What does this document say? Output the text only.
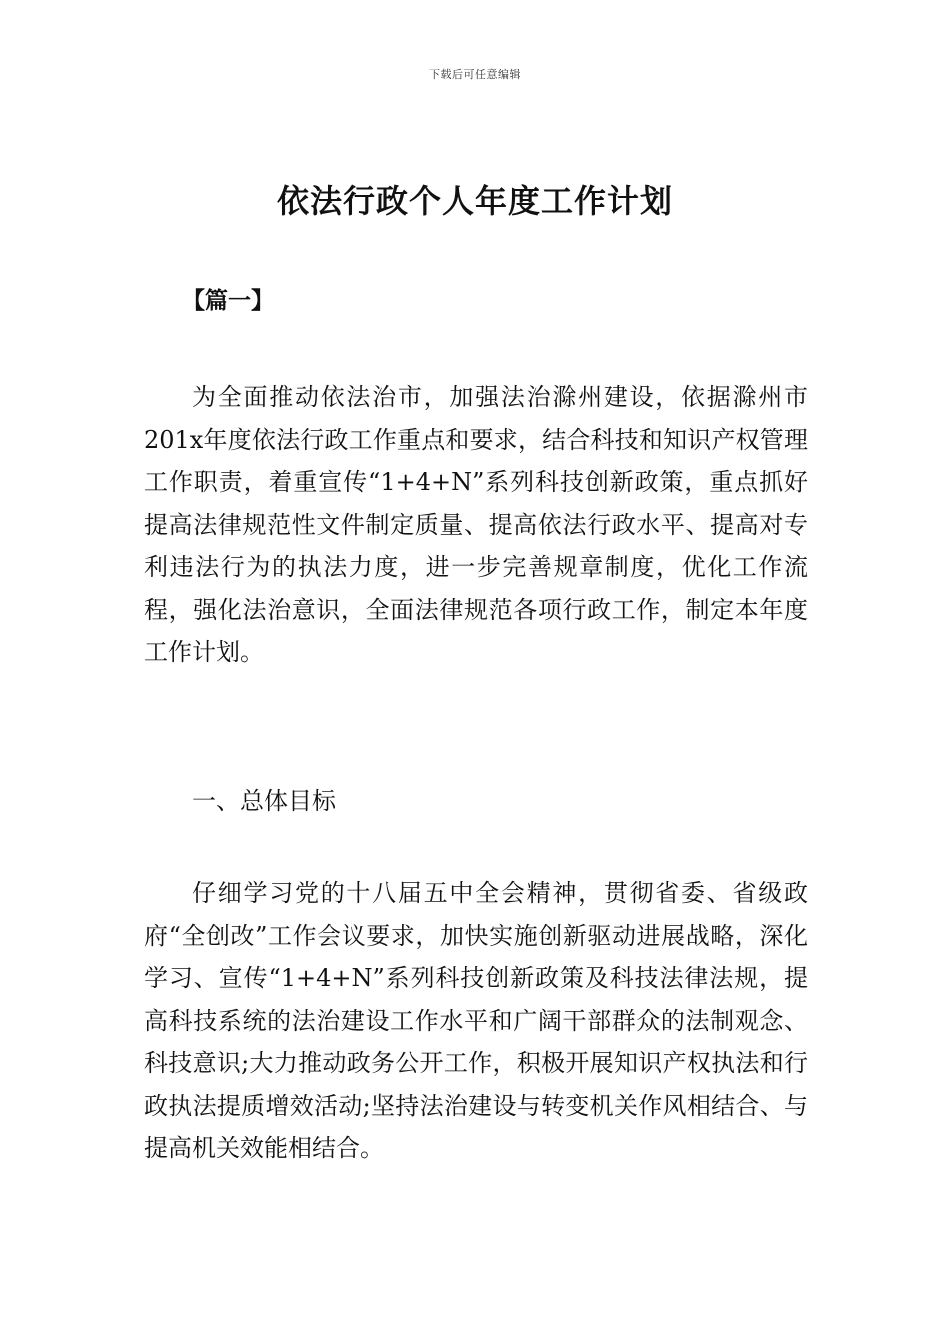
下载后可任意编辑
依法行政个人年度工作计划
【篇一】

为全面推动依法治市，加强法治滁州建设，依据滁州市201x年度依法行政工作重点和要求，结合科技和知识产权管理工作职责，着重宣传“1+4+N”系列科技创新政策，重点抓好提高法律规范性文件制定质量、提高依法行政水平、提高对专利违法行为的执法力度，进一步完善规章制度，优化工作流程，强化法治意识，全面法律规范各项行政工作，制定本年度工作计划。

一、总体目标

仔细学习党的十八届五中全会精神，贯彻省委、省级政府“全创改”工作会议要求，加快实施创新驱动进展战略，深化学习、宣传“1+4+N”系列科技创新政策及科技法律法规，提高科技系统的法治建设工作水平和广阔干部群众的法制观念、科技意识;大力推动政务公开工作，积极开展知识产权执法和行政执法提质增效活动;坚持法治建设与转变机关作风相结合、与提高机关效能相结合。
